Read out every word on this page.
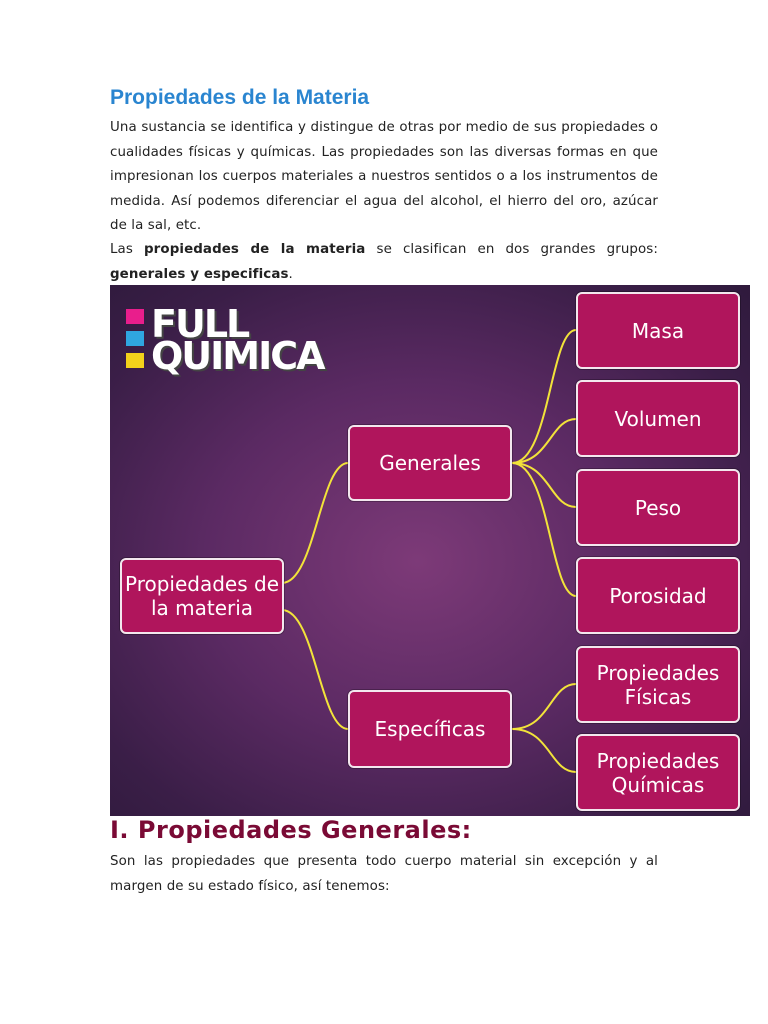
Propiedades de la Materia
Una sustancia se identifica y distingue de otras por medio de sus propiedades o cualidades físicas y químicas. Las propiedades son las diversas formas en que impresionan los cuerpos materiales a nuestros sentidos o a los instrumentos de medida. Así podemos diferenciar el agua del alcohol, el hierro del oro, azúcar de la sal, etc.
Las propiedades de la materia se clasifican en dos grandes grupos: generales y especificas.
I. Propiedades Generales:
Son las propiedades que presenta todo cuerpo material sin excepción y al margen de su estado físico, así tenemos:
FULL
QUIMICA
Propiedades de la materia
Generales
Específicas
Masa
Volumen
Peso
Porosidad
Propiedades Físicas
Propiedades Químicas
